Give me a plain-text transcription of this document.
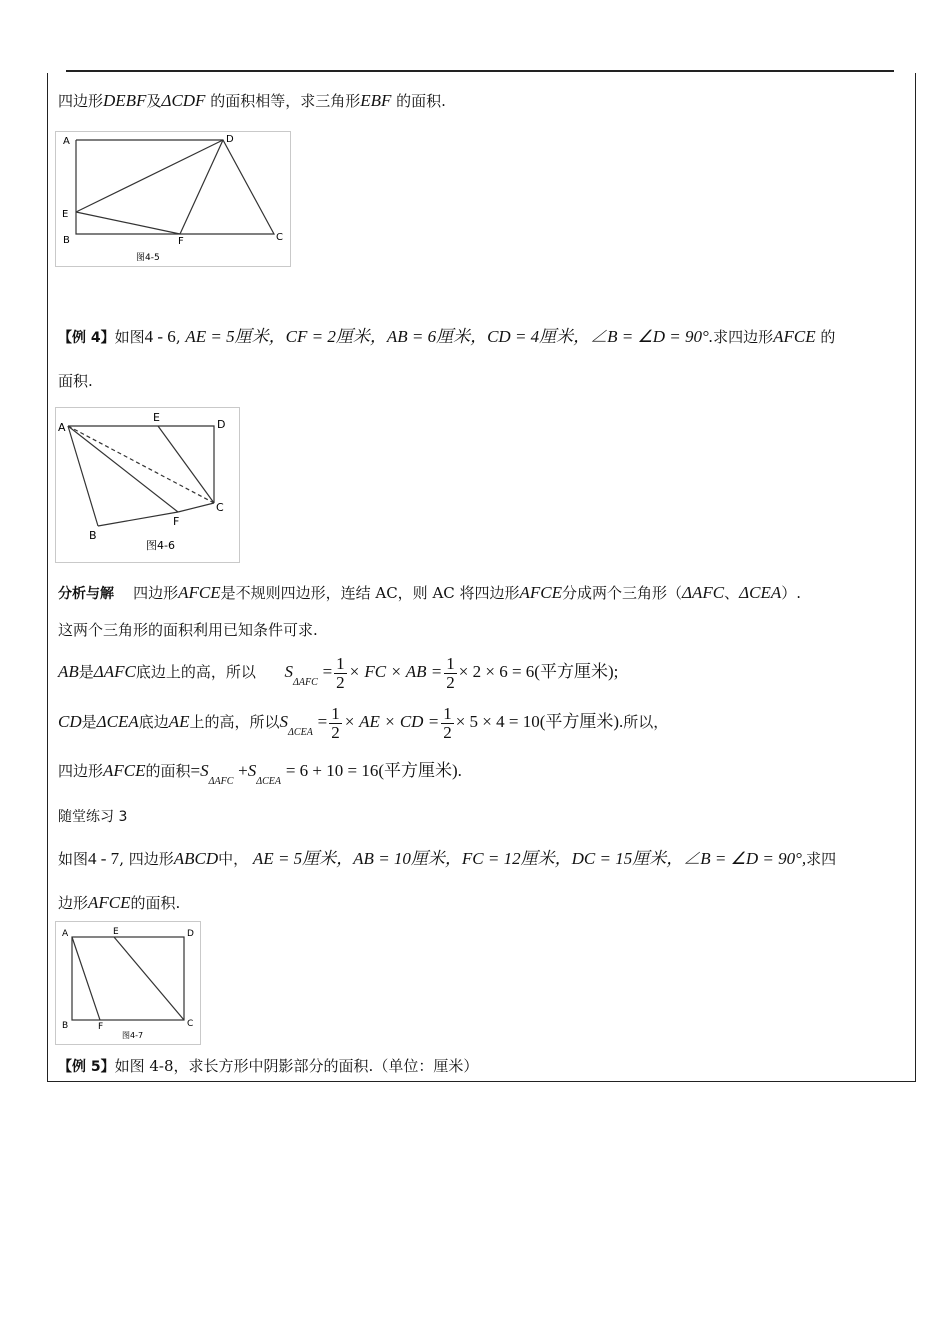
四边形DEBF及ΔCDF 的面积相等，求三角形EBF 的面积.
A	D
E
B	F	C
图4-5
【例 4】如图4 - 6, AE = 5厘米，CF = 2厘米，AB = 6厘米，CD = 4厘米，∠B = ∠D = 90°.求四边形AFCE 的
面积.
A
E
D
C
F
B
图4-6
分析与解 四边形AFCE是不规则四边形，连结 AC，则 AC 将四边形AFCE分成两个三角形（ΔAFC、ΔCEA）.
这两个三角形的面积利用已知条件可求.
AB是ΔAFC底边上的高，所以 $S_{\Delta AFC} = \frac{1}{2}$ × FC × AB = $\frac{1}{2} \times 2 \times 6 = 6$(平方厘米);
CD是ΔCEA底边AE上的高，所以$S_{\Delta CEA} = \frac{1}{2}$ × AE × CD = $\frac{1}{2} \times 5 \times 4 = 10$(平方厘米).所以，
四边形AFCE的面积$=S_{\Delta AFC} +S_{\Delta CEA} = 6 + 10 = 16$(平方厘米).
随堂练习 3
如图4 - 7, 四边形ABCD中， AE = 5厘米，AB = 10厘米，FC = 12厘米，DC = 15厘米，∠B = ∠D = 90°,求四
边形AFCE的面积.
A	E	D
B	F	C
图4-7
【例 5】如图 4-8，求长方形中阴影部分的面积.（单位：厘米）
